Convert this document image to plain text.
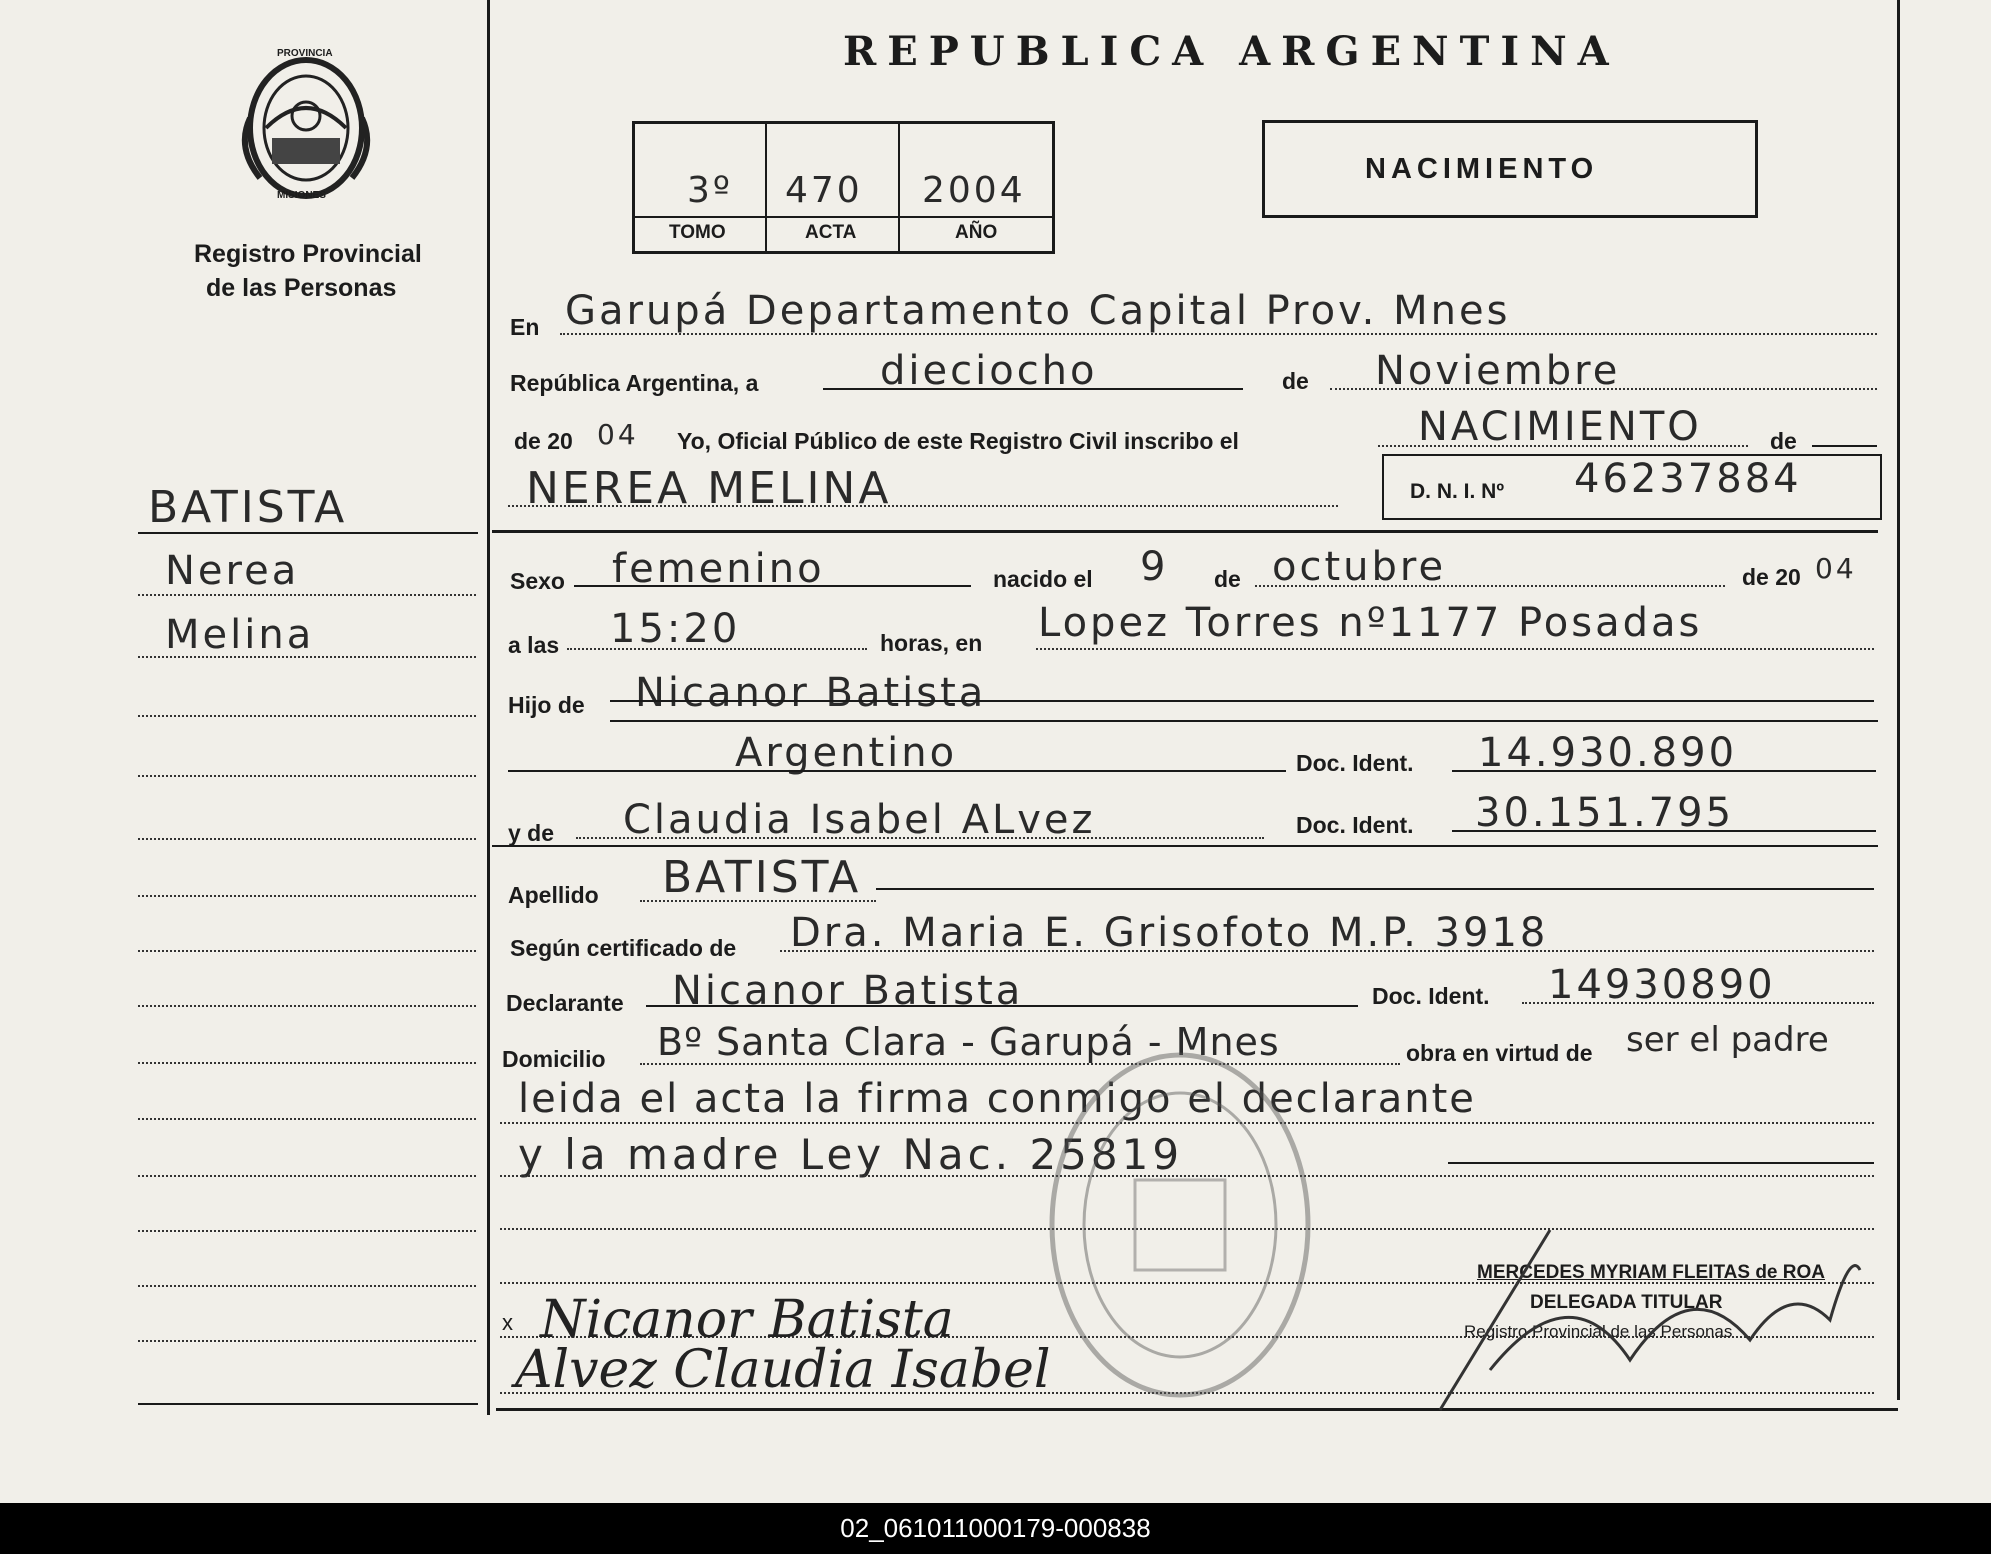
PROVINCIA
MISIONES
Registro Provincial
de las Personas
BATISTA
Nerea
Melina
REPUBLICA ARGENTINA
3º 470 2004
TOMO	ACTA	AÑO
NACIMIENTO
En Garupá Departamento Capital Prov. Mnes
República Argentina, a	dieciocho	de Noviembre
de 20 04 Yo, Oficial Público de este Registro Civil inscribo el	NACIMIENTO	de
NEREA MELINA	D. N. I. Nº 46237884
Sexo femenino	nacido el 9 de octubre	de 20 04
a las 15:20	horas, en Lopez Torres nº1177 Posadas
Hijo de Nicanor Batista
Argentino	Doc. Ident. 14.930.890
y de Claudia Isabel ALvez	Doc. Ident. 30.151.795
Apellido BATISTA
Según certificado de Dra. Maria E. Grisofoto M.P. 3918
Declarante Nicanor Batista	Doc. Ident. 14930890
Domicilio Bº Santa Clara - Garupá - Mnes	obra en virtud de ser el padre
leida el acta la firma conmigo el declarante
y la madre Ley Nac. 25819
MERCEDES MYRIAM FLEITAS de ROA
DELEGADA TITULAR
Registro Provincial de las Personas
x Nicanor Batista
Alvez Claudia Isabel
02_061011000179-000838
